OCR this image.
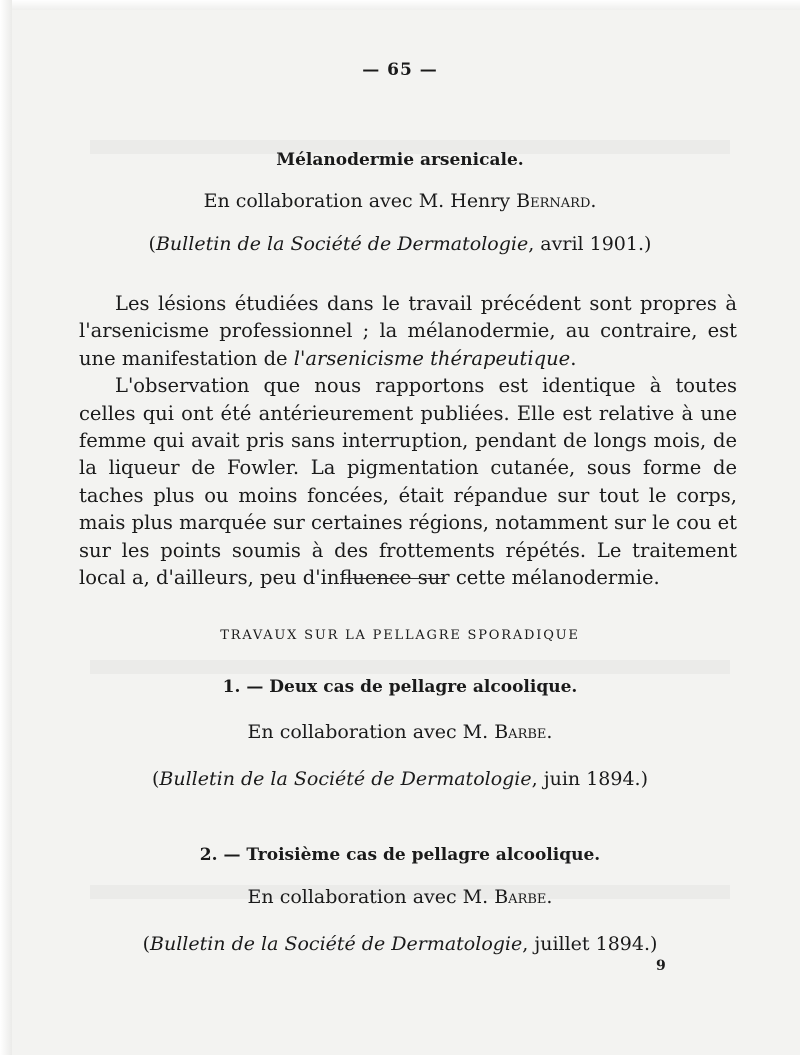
— 65 —
Mélanodermie arsenicale.
En collaboration avec M. Henry Bernard.
(Bulletin de la Société de Dermatologie, avril 1901.)

Les lésions étudiées dans le travail précédent sont propres à l'arsenicisme professionnel ; la mélanodermie, au contraire, est une manifestation de l'arsenicisme thérapeutique.

L'observation que nous rapportons est identique à toutes celles qui ont été antérieurement publiées. Elle est relative à une femme qui avait pris sans interruption, pendant de longs mois, de la liqueur de Fowler. La pigmentation cutanée, sous forme de taches plus ou moins foncées, était répandue sur tout le corps, mais plus marquée sur certaines régions, notamment sur le cou et sur les points soumis à des frottements répétés. Le traitement local a, d'ailleurs, peu d'influence sur cette mélanodermie.

TRAVAUX SUR LA PELLAGRE SPORADIQUE
1. — Deux cas de pellagre alcoolique.
En collaboration avec M. Barbe.
(Bulletin de la Société de Dermatologie, juin 1894.)
2. — Troisième cas de pellagre alcoolique.
En collaboration avec M. Barbe.
(Bulletin de la Société de Dermatologie, juillet 1894.)
9
